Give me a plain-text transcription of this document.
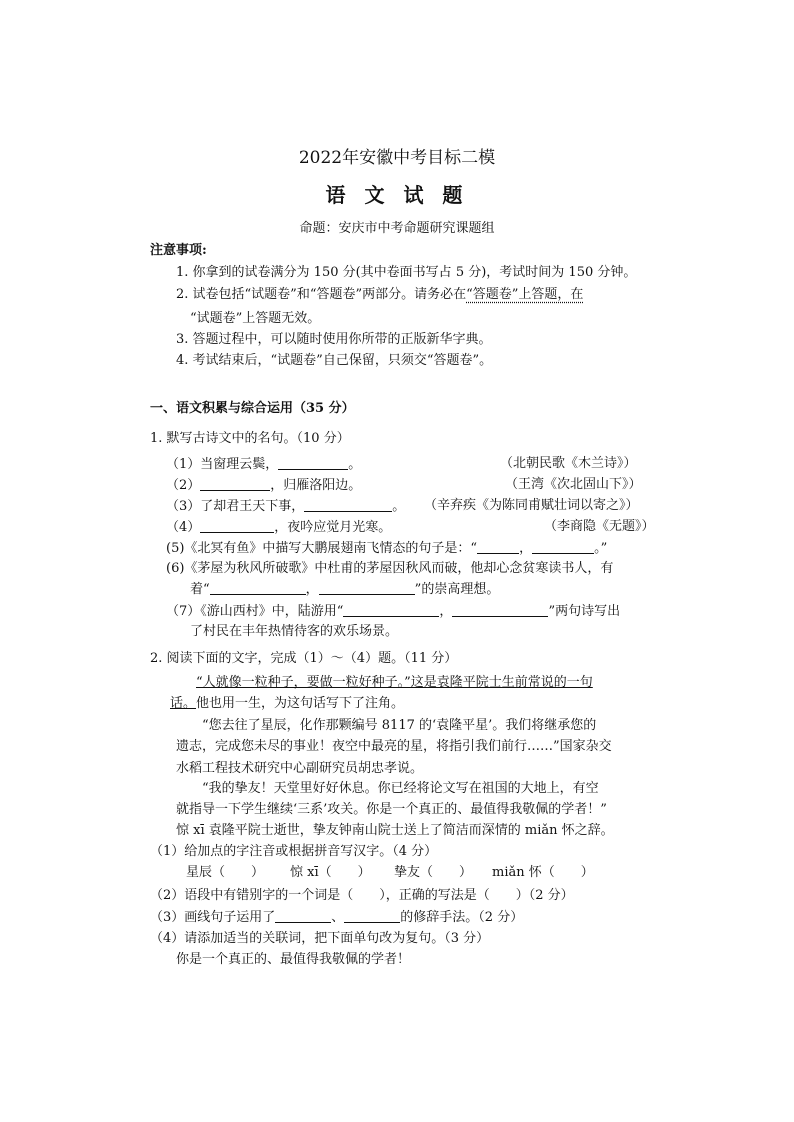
2022年安徽中考目标二模
语 文 试 题
命题：安庆市中考命题研究课题组
注意事项:
1. 你拿到的试卷满分为 150 分(其中卷面书写占 5 分)，考试时间为 150 分钟。
2. 试卷包括“试题卷”和“答题卷”两部分。请务必在“答题卷”上答题，在
“试题卷”上答题无效。
3. 答题过程中，可以随时使用你所带的正版新华字典。
4. 考试结束后，“试题卷”自己保留，只须交“答题卷”。
一、语文积累与综合运用（35 分）
1. 默写古诗文中的名句。（10 分）
（1）当窗理云鬓，	。	（北朝民歌《木兰诗》）
（2）	，归雁洛阳边。	（王湾《次北固山下》）
（3）了却君王天下事，	。 （辛弃疾《为陈同甫赋壮词以寄之》）
（4）	，夜吟应觉月光寒。	（李商隐《无题》）
(5)《北冥有鱼》中描写大鹏展翅南飞情态的句子是：“	，	。”
(6)《茅屋为秋风所破歌》中杜甫的茅屋因秋风而破，他却心念贫寒读书人，有
着“	，	”的崇高理想。
（7）《游山西村》中，陆游用“	，	”两句诗写出
了村民在丰年热情待客的欢乐场景。
2. 阅读下面的文字，完成（1）～（4）题。（11 分）
“人就像一粒种子，要做一粒好种子。”这是袁隆平院士生前常说的一句
话。他也用一生，为这句话写下了注角。
“您去往了星辰，化作那颗编号 8117 的‘袁隆平星’。我们将继承您的
遗志，完成您未尽的事业！夜空中最亮的星，将指引我们前行……”国家杂交
水稻工程技术研究中心副研究员胡忠孝说。
“我的挚友！天堂里好好休息。你已经将论文写在祖国的大地上，有空
就指导一下学生继续‘三系’攻关。你是一个真正的、最值得我敬佩的学者！”
惊 xī 袁隆平院士逝世，挚友钟南山院士送上了简洁而深情的 miǎn 怀之辞。
（1）给加点的字注音或根据拼音写汉字。（4 分）
星辰（　　） 惊 xī（　　） 挚友（　　） miǎn 怀（　　）
（2）语段中有错别字的一个词是（　　），正确的写法是（　　）（2 分）
（3）画线句子运用了	、	的修辞手法。（2 分）
（4）请添加适当的关联词，把下面单句改为复句。（3 分）
你是一个真正的、最值得我敬佩的学者！
